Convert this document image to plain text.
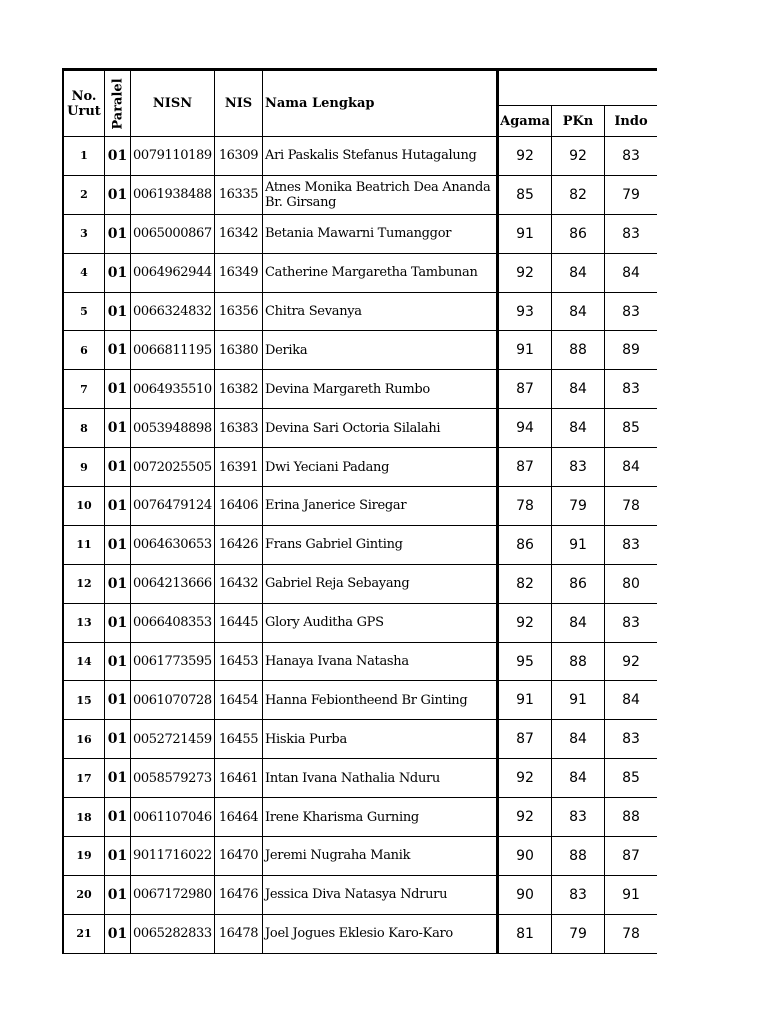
No. Urut	Paralel	NISN	NIS	Nama Lengkap			
					Agama	PKn	Indo
1	01	0079110189	16309	Ari Paskalis Stefanus Hutagalung	92	92	83
2	01	0061938488	16335	Atnes Monika Beatrich Dea Ananda Br. Girsang	85	82	79
3	01	0065000867	16342	Betania Mawarni Tumanggor	91	86	83
4	01	0064962944	16349	Catherine Margaretha Tambunan	92	84	84
5	01	0066324832	16356	Chitra Sevanya	93	84	83
6	01	0066811195	16380	Derika	91	88	89
7	01	0064935510	16382	Devina Margareth Rumbo	87	84	83
8	01	0053948898	16383	Devina Sari Octoria Silalahi	94	84	85
9	01	0072025505	16391	Dwi Yeciani Padang	87	83	84
10	01	0076479124	16406	Erina Janerice Siregar	78	79	78
11	01	0064630653	16426	Frans Gabriel Ginting	86	91	83
12	01	0064213666	16432	Gabriel Reja Sebayang	82	86	80
13	01	0066408353	16445	Glory Auditha GPS	92	84	83
14	01	0061773595	16453	Hanaya Ivana Natasha	95	88	92
15	01	0061070728	16454	Hanna Febiontheend Br Ginting	91	91	84
16	01	0052721459	16455	Hiskia Purba	87	84	83
17	01	0058579273	16461	Intan Ivana Nathalia Nduru	92	84	85
18	01	0061107046	16464	Irene Kharisma Gurning	92	83	88
19	01	9011716022	16470	Jeremi Nugraha Manik	90	88	87
20	01	0067172980	16476	Jessica Diva Natasya Ndruru	90	83	91
21	01	0065282833	16478	Joel Jogues Eklesio Karo-Karo	81	79	78
